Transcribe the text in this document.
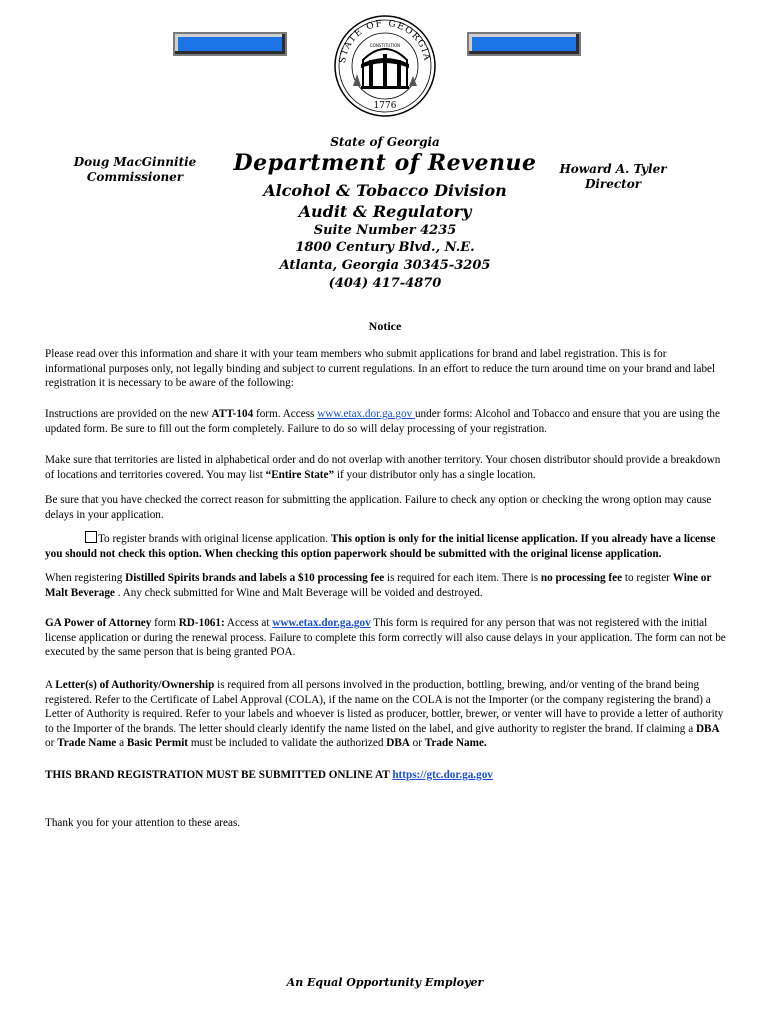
STATE OF GEORGIA
1776
CONSTITUTION
Doug MacGinnitie
Commissioner
Howard A. Tyler
Director
State of Georgia
Department of Revenue
Alcohol & Tobacco Division
Audit & Regulatory
Suite Number 4235
1800 Century Blvd., N.E.
Atlanta, Georgia 30345-3205
(404) 417-4870
Notice
Please read over this information and share it with your team members who submit applications for brand and label registration. This is for informational purposes only, not legally binding and subject to current regulations. In an effort to reduce the turn around time on your brand and label registration it is necessary to be aware of the following:
Instructions are provided on the new ATT-104 form. Access www.etax.dor.ga.gov under forms: Alcohol and Tobacco and ensure that you are using the updated form. Be sure to fill out the form completely. Failure to do so will delay processing of your registration.
Make sure that territories are listed in alphabetical order and do not overlap with another territory. Your chosen distributor should provide a breakdown of locations and territories covered. You may list “Entire State” if your distributor only has a single location.
Be sure that you have checked the correct reason for submitting the application. Failure to check any option or checking the wrong option may cause delays in your application.
To register brands with original license application. This option is only for the initial license application. If you already have a license you should not check this option. When checking this option paperwork should be submitted with the original license application.
When registering Distilled Spirits brands and labels a $10 processing fee is required for each item. There is no processing fee to register Wine or Malt Beverage . Any check submitted for Wine and Malt Beverage will be voided and destroyed.
GA Power of Attorney form RD-1061: Access at www.etax.dor.ga.gov This form is required for any person that was not registered with the initial license application or during the renewal process. Failure to complete this form correctly will also cause delays in your application. The form can not be executed by the same person that is being granted POA.
A Letter(s) of Authority/Ownership is required from all persons involved in the production, bottling, brewing, and/or venting of the brand being registered. Refer to the Certificate of Label Approval (COLA), if the name on the COLA is not the Importer (or the company registering the brand) a Letter of Authority is required. Refer to your labels and whoever is listed as producer, bottler, brewer, or venter will have to provide a letter of authority to the Importer of the brands. The letter should clearly identify the name listed on the label, and give authority to register the brand. If claiming a DBA or Trade Name a Basic Permit must be included to validate the authorized DBA or Trade Name.
THIS BRAND REGISTRATION MUST BE SUBMITTED ONLINE AT https://gtc.dor.ga.gov
Thank you for your attention to these areas.
An Equal Opportunity Employer
